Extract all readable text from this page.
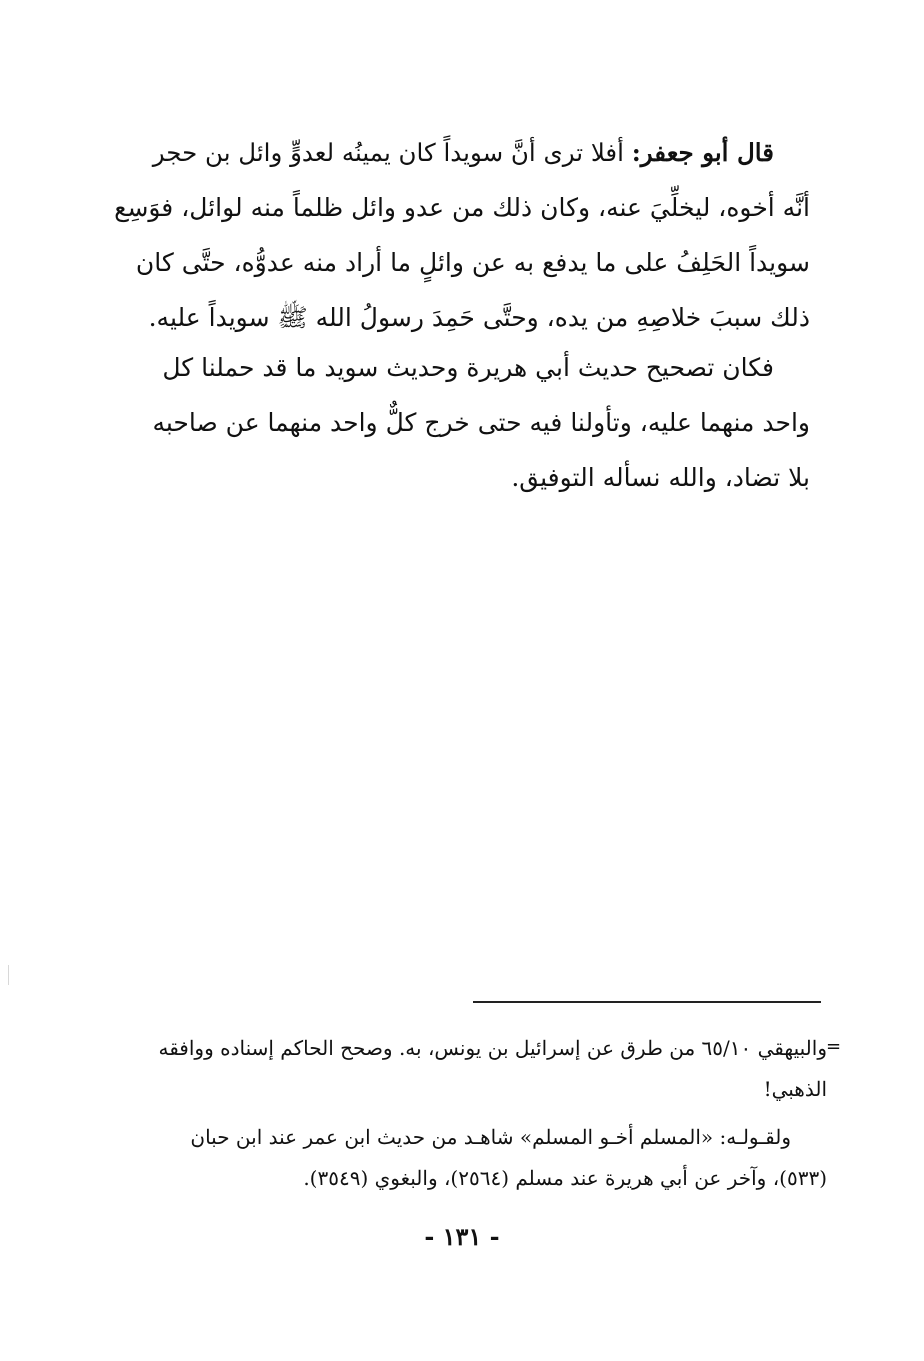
قال أبو جعفر: أفلا ترى أنَّ سويداً كان يمينُه لعدوٍّ وائل بن حجر
أنَّه أخوه، ليخلِّيَ عنه، وكان ذلك من عدو وائل ظلماً منه لوائل، فوَسِع
سويداً الحَلِفُ على ما يدفع به عن وائلٍ ما أراد منه عدوُّه، حتَّى كان
ذلك سببَ خلاصِهِ من يده، وحتَّى حَمِدَ رسولُ الله ﷺ سويداً عليه.
فكان تصحيح حديث أبي هريرة وحديث سويد ما قد حملنا كل
واحد منهما عليه، وتأولنا فيه حتى خرج كلٌّ واحد منهما عن صاحبه
بلا تضاد، والله نسأله التوفيق.
=
والبيهقي ٦٥/١٠ من طرق عن إسرائيل بن يونس، به. وصحح الحاكم إسناده ووافقه
الذهبي!
ولقـولـه: «المسلم أخـو المسلم» شاهـد من حديث ابن عمر عند ابن حبان
(٥٣٣)، وآخر عن أبي هريرة عند مسلم (٢٥٦٤)، والبغوي (٣٥٤٩).
- ١٣١ -
